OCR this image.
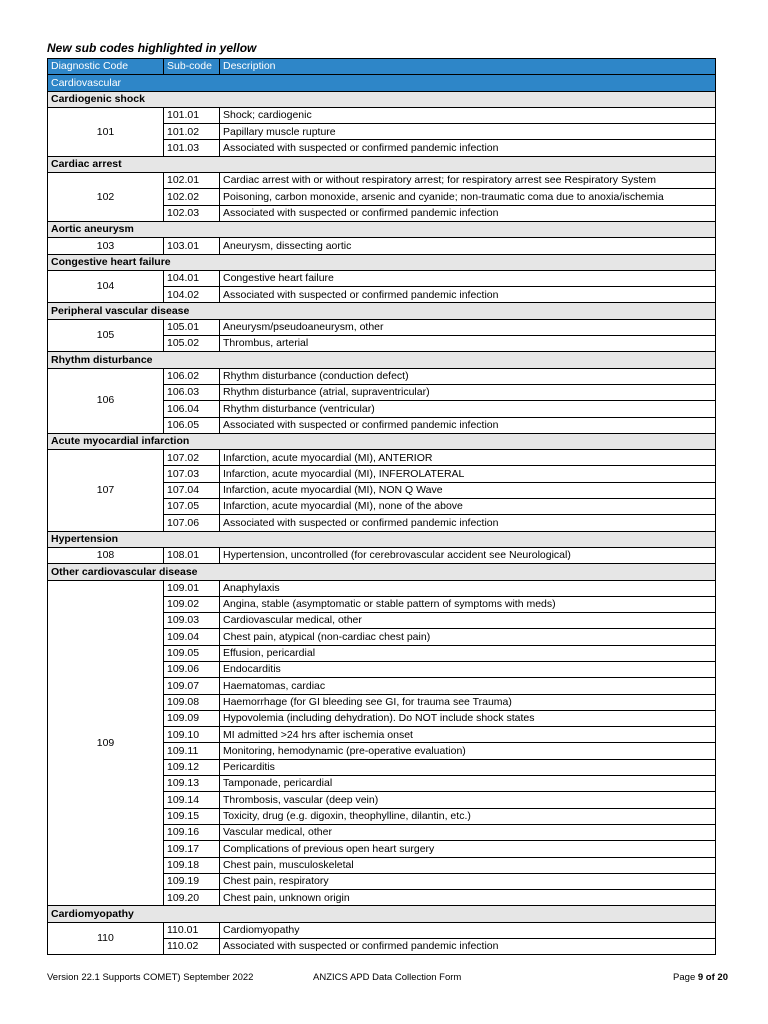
New sub codes highlighted in yellow
Diagnostic Code	Sub-code	Description
Cardiovascular		
Cardiogenic shock		
101	101.01	Shock; cardiogenic
	101.02	Papillary muscle rupture
	101.03	Associated with suspected or confirmed pandemic infection
Cardiac arrest		
102	102.01	Cardiac arrest with or without respiratory arrest; for respiratory arrest see Respiratory System
	102.02	Poisoning, carbon monoxide, arsenic and cyanide; non-traumatic coma due to anoxia/ischemia
	102.03	Associated with suspected or confirmed pandemic infection
Aortic aneurysm		
103	103.01	Aneurysm, dissecting aortic
Congestive heart failure		
104	104.01	Congestive heart failure
	104.02	Associated with suspected or confirmed pandemic infection
Peripheral vascular disease		
105	105.01	Aneurysm/pseudoaneurysm, other
	105.02	Thrombus, arterial
Rhythm disturbance		
106	106.02	Rhythm disturbance (conduction defect)
	106.03	Rhythm disturbance (atrial, supraventricular)
	106.04	Rhythm disturbance (ventricular)
	106.05	Associated with suspected or confirmed pandemic infection
Acute myocardial infarction		
107	107.02	Infarction, acute myocardial (MI), ANTERIOR
	107.03	Infarction, acute myocardial (MI), INFEROLATERAL
	107.04	Infarction, acute myocardial (MI), NON Q Wave
	107.05	Infarction, acute myocardial (MI), none of the above
	107.06	Associated with suspected or confirmed pandemic infection
Hypertension		
108	108.01	Hypertension, uncontrolled (for cerebrovascular accident see Neurological)
Other cardiovascular disease		
109	109.01	Anaphylaxis
	109.02	Angina, stable (asymptomatic or stable pattern of symptoms with meds)
	109.03	Cardiovascular medical, other
	109.04	Chest pain, atypical (non-cardiac chest pain)
	109.05	Effusion, pericardial
	109.06	Endocarditis
	109.07	Haematomas, cardiac
	109.08	Haemorrhage (for GI bleeding see GI, for trauma see Trauma)
	109.09	Hypovolemia (including dehydration). Do NOT include shock states
	109.10	MI admitted >24 hrs after ischemia onset
	109.11	Monitoring, hemodynamic (pre-operative evaluation)
	109.12	Pericarditis
	109.13	Tamponade, pericardial
	109.14	Thrombosis, vascular (deep vein)
	109.15	Toxicity, drug (e.g. digoxin, theophylline, dilantin, etc.)
	109.16	Vascular medical, other
	109.17	Complications of previous open heart surgery
	109.18	Chest pain, musculoskeletal
	109.19	Chest pain, respiratory
	109.20	Chest pain, unknown origin
Cardiomyopathy		
110	110.01	Cardiomyopathy
	110.02	Associated with suspected or confirmed pandemic infection
Version 22.1 Supports COMET) September 2022	ANZICS APD Data Collection Form	Page 9 of 20
